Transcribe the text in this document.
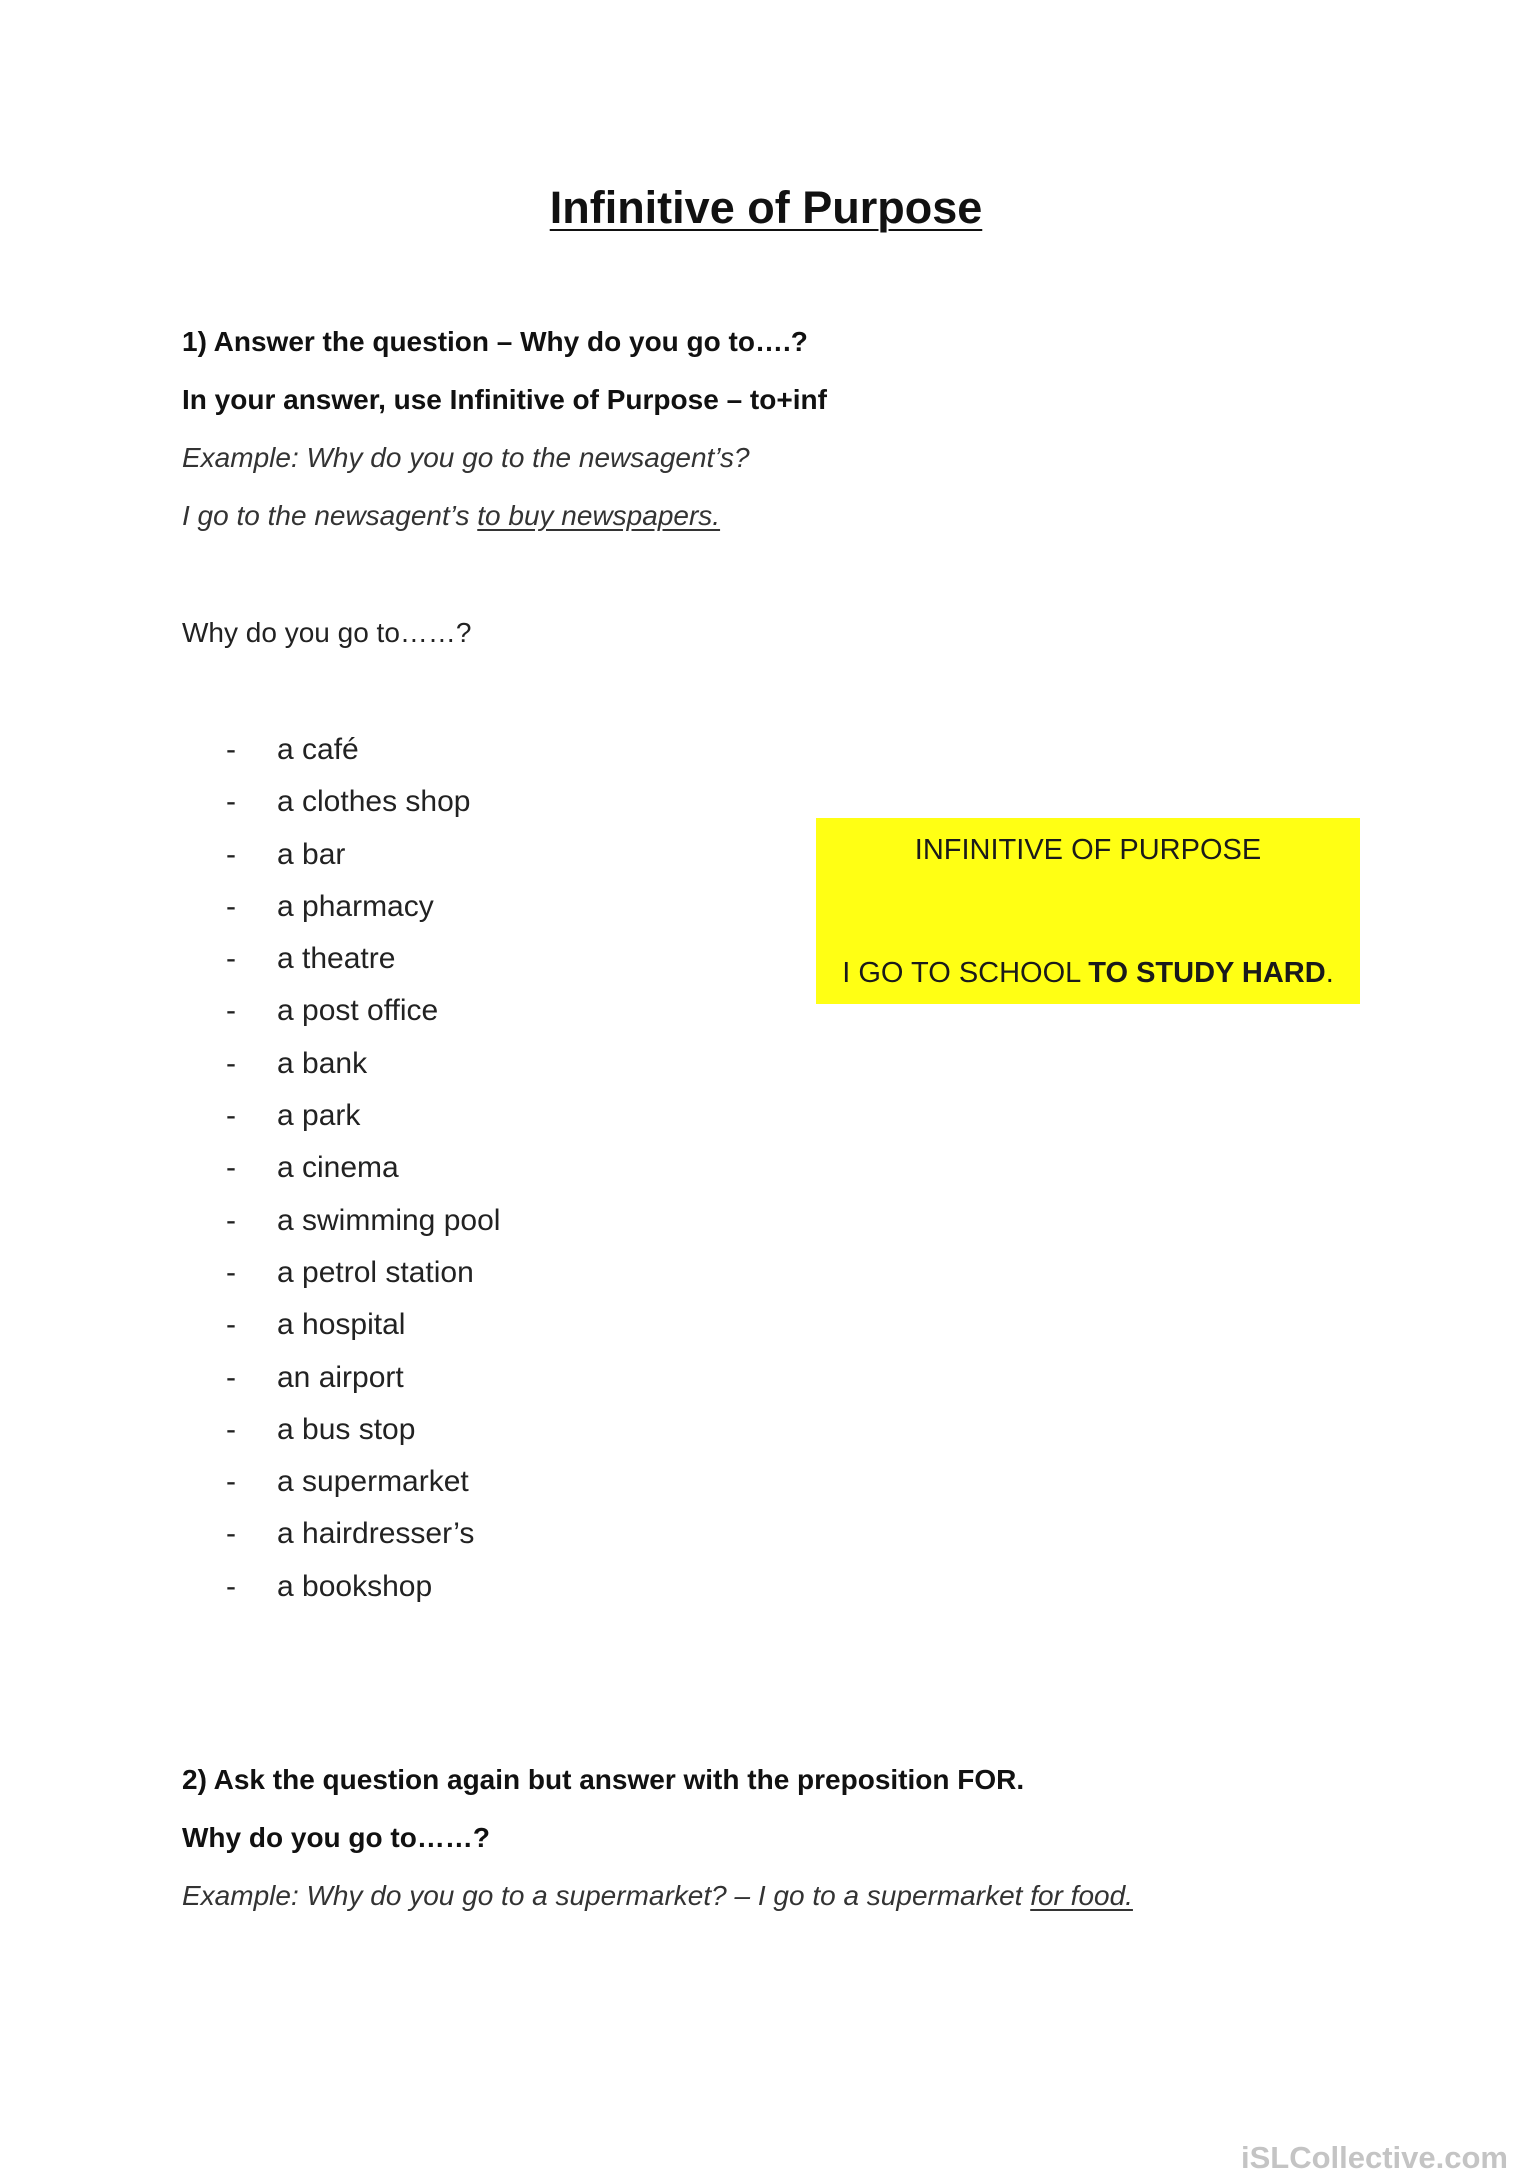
Infinitive of Purpose
1) Answer the question – Why do you go to….?
In your answer, use Infinitive of Purpose – to+inf
Example: Why do you go to the newsagent’s?
I go to the newsagent’s to buy newspapers.
Why do you go to……?
-	a café
-	a clothes shop
-	a bar
-	a pharmacy
-	a theatre
-	a post office
-	a bank
-	a park
-	a cinema
-	a swimming pool
-	a petrol station
-	a hospital
-	an airport
-	a bus stop
-	a supermarket
-	a hairdresser’s
-	a bookshop
INFINITIVE OF PURPOSE
I GO TO SCHOOL TO STUDY HARD.
2) Ask the question again but answer with the preposition FOR.
Why do you go to……?
Example: Why do you go to a supermarket? – I go to a supermarket for food.
iSLCollective.com
